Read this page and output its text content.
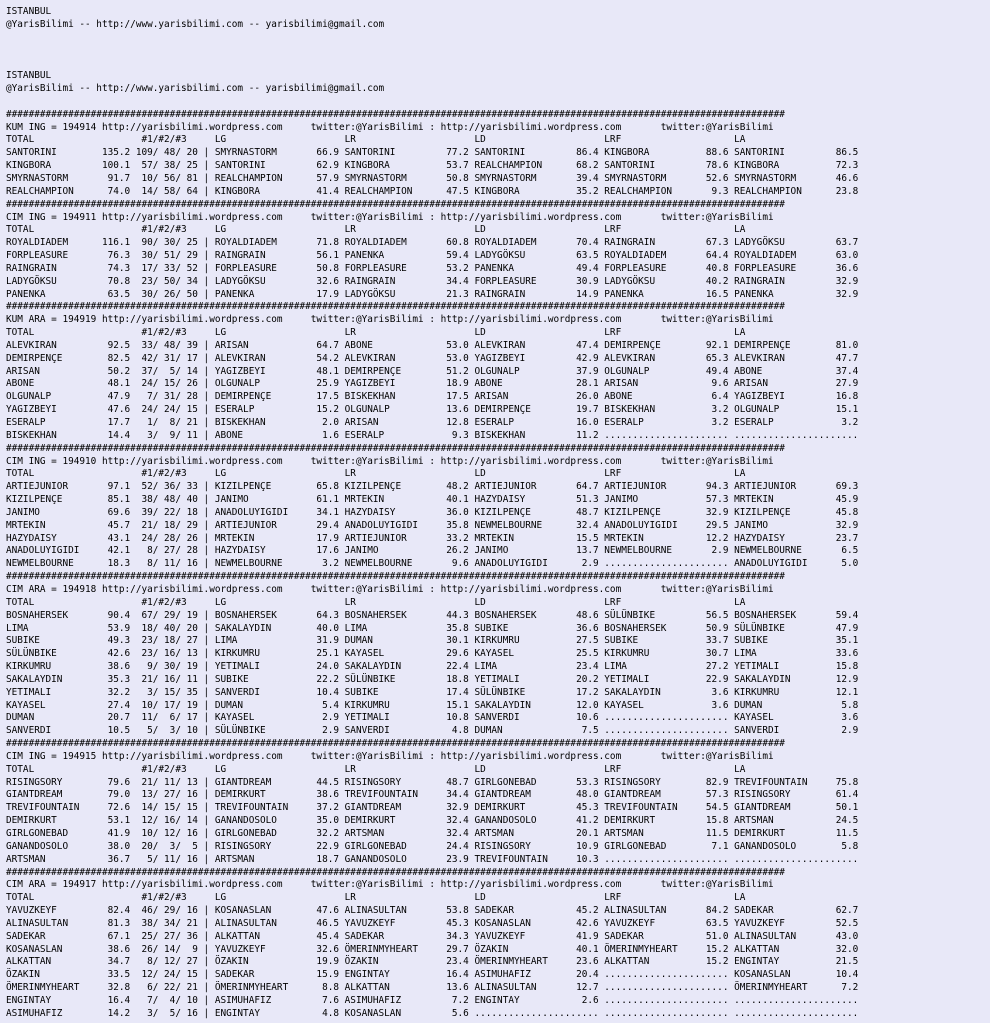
ISTANBUL
@YarisBilimi -- http://www.yarisbilimi.com -- yarisbilimi@gmail.com
ISTANBUL
@YarisBilimi -- http://www.yarisbilimi.com -- yarisbilimi@gmail.com
##########################################################################################################################################
KUM ING = 194914 http://yarisbilimi.wordpress.com     twitter:@YarisBilimi : http://yarisbilimi.wordpress.com       twitter:@YarisBilimi
TOTAL                   #1/#2/#3     LG                     LR                     LD                     LRF                    LA
SANTORINI        135.2 109/ 48/ 20 | SMYRNASTORM       66.9 SANTORINI         77.2 SANTORINI         86.4 KINGBORA          88.6 SANTORINI         86.5
KINGBORA         100.1  57/ 38/ 25 | SANTORINI         62.9 KINGBORA          53.7 REALCHAMPION      68.2 SANTORINI         78.6 KINGBORA          72.3
SMYRNASTORM       91.7  10/ 56/ 81 | REALCHAMPION      57.9 SMYRNASTORM       50.8 SMYRNASTORM       39.4 SMYRNASTORM       52.6 SMYRNASTORM       46.6
REALCHAMPION      74.0  14/ 58/ 64 | KINGBORA          41.4 REALCHAMPION      47.5 KINGBORA          35.2 REALCHAMPION       9.3 REALCHAMPION      23.8
##########################################################################################################################################
CIM ING = 194911 http://yarisbilimi.wordpress.com     twitter:@YarisBilimi : http://yarisbilimi.wordpress.com       twitter:@YarisBilimi
TOTAL                   #1/#2/#3     LG                     LR                     LD                     LRF                    LA
ROYALDIADEM      116.1  90/ 30/ 25 | ROYALDIADEM       71.8 ROYALDIADEM       60.8 ROYALDIADEM       70.4 RAINGRAIN         67.3 LADYGÖKSU         63.7
FORPLEASURE       76.3  30/ 51/ 29 | RAINGRAIN         56.1 PANENKA           59.4 LADYGÖKSU         63.5 ROYALDIADEM       64.4 ROYALDIADEM       63.0
RAINGRAIN         74.3  17/ 33/ 52 | FORPLEASURE       50.8 FORPLEASURE       53.2 PANENKA           49.4 FORPLEASURE       40.8 FORPLEASURE       36.6
LADYGÖKSU         70.8  23/ 50/ 34 | LADYGÖKSU         32.6 RAINGRAIN         34.4 FORPLEASURE       30.9 LADYGÖKSU         40.2 RAINGRAIN         32.9
PANENKA           63.5  30/ 26/ 50 | PANENKA           17.9 LADYGÖKSU         21.3 RAINGRAIN         14.9 PANENKA           16.5 PANENKA           32.9
##########################################################################################################################################
KUM ARA = 194919 http://yarisbilimi.wordpress.com     twitter:@YarisBilimi : http://yarisbilimi.wordpress.com       twitter:@YarisBilimi
TOTAL                   #1/#2/#3     LG                     LR                     LD                     LRF                    LA
ALEVKIRAN         92.5  33/ 48/ 39 | ARISAN            64.7 ABONE             53.0 ALEVKIRAN         47.4 DEMIRPENÇE        92.1 DEMIRPENÇE        81.0
DEMIRPENÇE        82.5  42/ 31/ 17 | ALEVKIRAN         54.2 ALEVKIRAN         53.0 YAGIZBEYI         42.9 ALEVKIRAN         65.3 ALEVKIRAN         47.7
ARISAN            50.2  37/  5/ 14 | YAGIZBEYI         48.1 DEMIRPENÇE        51.2 OLGUNALP          37.9 OLGUNALP          49.4 ABONE             37.4
ABONE             48.1  24/ 15/ 26 | OLGUNALP          25.9 YAGIZBEYI         18.9 ABONE             28.1 ARISAN             9.6 ARISAN            27.9
OLGUNALP          47.9   7/ 31/ 28 | DEMIRPENÇE        17.5 BISKEKHAN         17.5 ARISAN            26.0 ABONE              6.4 YAGIZBEYI         16.8
YAGIZBEYI         47.6  24/ 24/ 15 | ESERALP           15.2 OLGUNALP          13.6 DEMIRPENÇE        19.7 BISKEKHAN          3.2 OLGUNALP          15.1
ESERALP           17.7   1/  8/ 21 | BISKEKHAN          2.0 ARISAN            12.8 ESERALP           16.0 ESERALP            3.2 ESERALP            3.2
BISKEKHAN         14.4   3/  9/ 11 | ABONE              1.6 ESERALP            9.3 BISKEKHAN         11.2 ...................... ......................
##########################################################################################################################################
CIM ING = 194910 http://yarisbilimi.wordpress.com     twitter:@YarisBilimi : http://yarisbilimi.wordpress.com       twitter:@YarisBilimi
TOTAL                   #1/#2/#3     LG                     LR                     LD                     LRF                    LA
ARTIEJUNIOR       97.1  52/ 36/ 33 | KIZILPENÇE        65.8 KIZILPENÇE        48.2 ARTIEJUNIOR       64.7 ARTIEJUNIOR       94.3 ARTIEJUNIOR       69.3
KIZILPENÇE        85.1  38/ 48/ 40 | JANIMO            61.1 MRTEKIN           40.1 HAZYDAISY         51.3 JANIMO            57.3 MRTEKIN           45.9
JANIMO            69.6  39/ 22/ 18 | ANADOLUYIGIDI     34.1 HAZYDAISY         36.0 KIZILPENÇE        48.7 KIZILPENÇE        32.9 KIZILPENÇE        45.8
MRTEKIN           45.7  21/ 18/ 29 | ARTIEJUNIOR       29.4 ANADOLUYIGIDI     35.8 NEWMELBOURNE      32.4 ANADOLUYIGIDI     29.5 JANIMO            32.9
HAZYDAISY         43.1  24/ 28/ 26 | MRTEKIN           17.9 ARTIEJUNIOR       33.2 MRTEKIN           15.5 MRTEKIN           12.2 HAZYDAISY         23.7
ANADOLUYIGIDI     42.1   8/ 27/ 28 | HAZYDAISY         17.6 JANIMO            26.2 JANIMO            13.7 NEWMELBOURNE       2.9 NEWMELBOURNE       6.5
NEWMELBOURNE      18.3   8/ 11/ 16 | NEWMELBOURNE       3.2 NEWMELBOURNE       9.6 ANADOLUYIGIDI      2.9 ...................... ANADOLUYIGIDI      5.0
##########################################################################################################################################
CIM ARA = 194918 http://yarisbilimi.wordpress.com     twitter:@YarisBilimi : http://yarisbilimi.wordpress.com       twitter:@YarisBilimi
TOTAL                   #1/#2/#3     LG                     LR                     LD                     LRF                    LA
BOSNAHERSEK       90.4  67/ 29/ 19 | BOSNAHERSEK       64.3 BOSNAHERSEK       44.3 BOSNAHERSEK       48.6 SÜLÜNBIKE         56.5 BOSNAHERSEK       59.4
LIMA              53.9  18/ 40/ 20 | SAKALAYDIN        40.0 LIMA              35.8 SUBIKE            36.6 BOSNAHERSEK       50.9 SÜLÜNBIKE         47.9
SUBIKE            49.3  23/ 18/ 27 | LIMA              31.9 DUMAN             30.1 KIRKUMRU          27.5 SUBIKE            33.7 SUBIKE            35.1
SÜLÜNBIKE         42.6  23/ 16/ 13 | KIRKUMRU          25.1 KAYASEL           29.6 KAYASEL           25.5 KIRKUMRU          30.7 LIMA              33.6
KIRKUMRU          38.6   9/ 30/ 19 | YETIMALI          24.0 SAKALAYDIN        22.4 LIMA              23.4 LIMA              27.2 YETIMALI          15.8
SAKALAYDIN        35.3  21/ 16/ 11 | SUBIKE            22.2 SÜLÜNBIKE         18.8 YETIMALI          20.2 YETIMALI          22.9 SAKALAYDIN        12.9
YETIMALI          32.2   3/ 15/ 35 | SANVERDI          10.4 SUBIKE            17.4 SÜLÜNBIKE         17.2 SAKALAYDIN         3.6 KIRKUMRU          12.1
KAYASEL           27.4  10/ 17/ 19 | DUMAN              5.4 KIRKUMRU          15.1 SAKALAYDIN        12.0 KAYASEL            3.6 DUMAN              5.8
DUMAN             20.7  11/  6/ 17 | KAYASEL            2.9 YETIMALI          10.8 SANVERDI          10.6 ...................... KAYASEL            3.6
SANVERDI          10.5   5/  3/ 10 | SÜLÜNBIKE          2.9 SANVERDI           4.8 DUMAN              7.5 ...................... SANVERDI           2.9
##########################################################################################################################################
CIM ING = 194915 http://yarisbilimi.wordpress.com     twitter:@YarisBilimi : http://yarisbilimi.wordpress.com       twitter:@YarisBilimi
TOTAL                   #1/#2/#3     LG                     LR                     LD                     LRF                    LA
RISINGSORY        79.6  21/ 11/ 13 | GIANTDREAM        44.5 RISINGSORY        48.7 GIRLGONEBAD       53.3 RISINGSORY        82.9 TREVIFOUNTAIN     75.8
GIANTDREAM        79.0  13/ 27/ 16 | DEMIRKURT         38.6 TREVIFOUNTAIN     34.4 GIANTDREAM        48.0 GIANTDREAM        57.3 RISINGSORY        61.4
TREVIFOUNTAIN     72.6  14/ 15/ 15 | TREVIFOUNTAIN     37.2 GIANTDREAM        32.9 DEMIRKURT         45.3 TREVIFOUNTAIN     54.5 GIANTDREAM        50.1
DEMIRKURT         53.1  12/ 16/ 14 | GANANDOSOLO       35.0 DEMIRKURT         32.4 GANANDOSOLO       41.2 DEMIRKURT         15.8 ARTSMAN           24.5
GIRLGONEBAD       41.9  10/ 12/ 16 | GIRLGONEBAD       32.2 ARTSMAN           32.4 ARTSMAN           20.1 ARTSMAN           11.5 DEMIRKURT         11.5
GANANDOSOLO       38.0  20/  3/  5 | RISINGSORY        22.9 GIRLGONEBAD       24.4 RISINGSORY        10.9 GIRLGONEBAD        7.1 GANANDOSOLO        5.8
ARTSMAN           36.7   5/ 11/ 16 | ARTSMAN           18.7 GANANDOSOLO       23.9 TREVIFOUNTAIN     10.3 ...................... ......................
##########################################################################################################################################
CIM ARA = 194917 http://yarisbilimi.wordpress.com     twitter:@YarisBilimi : http://yarisbilimi.wordpress.com       twitter:@YarisBilimi
TOTAL                   #1/#2/#3     LG                     LR                     LD                     LRF                    LA
YAVUZKEYF         82.4  46/ 29/ 16 | KOSANASLAN        47.6 ALINASULTAN       53.8 SADEKAR           45.2 ALINASULTAN       84.2 SADEKAR           62.7
ALINASULTAN       81.3  38/ 34/ 21 | ALINASULTAN       46.5 YAVUZKEYF         45.3 KOSANASLAN        42.6 YAVUZKEYF         63.5 YAVUZKEYF         52.5
SADEKAR           67.1  25/ 27/ 36 | ALKATTAN          45.4 SADEKAR           34.3 YAVUZKEYF         41.9 SADEKAR           51.0 ALINASULTAN       43.0
KOSANASLAN        38.6  26/ 14/  9 | YAVUZKEYF         32.6 ÖMERINMYHEART     29.7 ÖZAKIN            40.1 ÖMERINMYHEART     15.2 ALKATTAN          32.0
ALKATTAN          34.7   8/ 12/ 27 | ÖZAKIN            19.9 ÖZAKIN            23.4 ÖMERINMYHEART     23.6 ALKATTAN          15.2 ENGINTAY          21.5
ÖZAKIN            33.5  12/ 24/ 15 | SADEKAR           15.9 ENGINTAY          16.4 ASIMUHAFIZ        20.4 ...................... KOSANASLAN        10.4
ÖMERINMYHEART     32.8   6/ 22/ 21 | ÖMERINMYHEART      8.8 ALKATTAN          13.6 ALINASULTAN       12.7 ...................... ÖMERINMYHEART      7.2
ENGINTAY          16.4   7/  4/ 10 | ASIMUHAFIZ         7.6 ASIMUHAFIZ         7.2 ENGINTAY           2.6 ...................... ......................
ASIMUHAFIZ        14.2   3/  5/ 16 | ENGINTAY           4.8 KOSANASLAN         5.6 ...................... ...................... ......................
